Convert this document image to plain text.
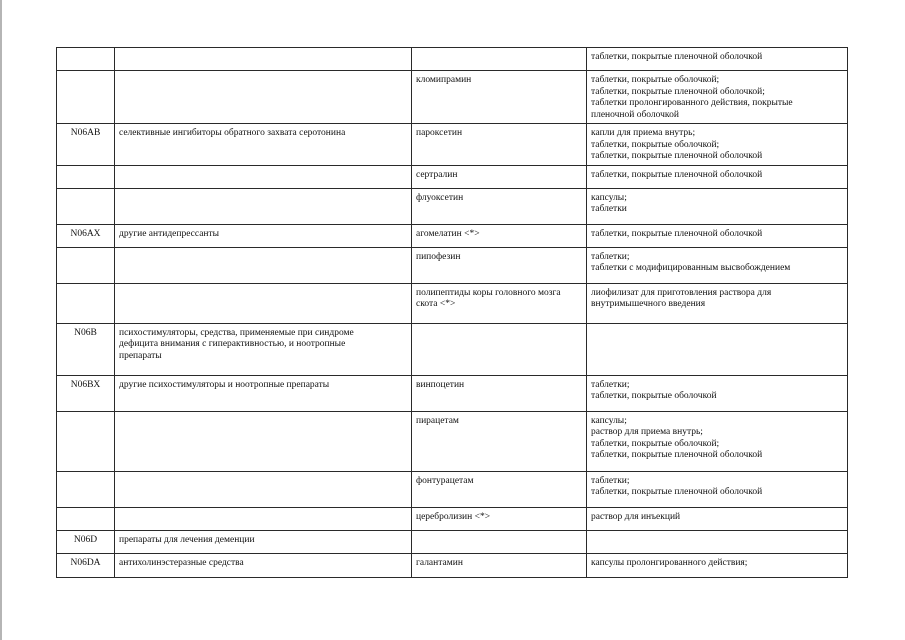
			таблетки, покрытые пленочной оболочкой

		кломипрамин	таблетки, покрытые оболочкой;
таблетки, покрытые пленочной оболочкой;
таблетки пролонгированного действия, покрытые
пленочной оболочкой

N06AB	селективные ингибиторы обратного захвата серотонина	пароксетин	капли для приема внутрь;
таблетки, покрытые оболочкой;
таблетки, покрытые пленочной оболочкой

		сертралин	таблетки, покрытые пленочной оболочкой

		флуоксетин	капсулы;
таблетки

N06AX	другие антидепрессанты	агомелатин <*>	таблетки, покрытые пленочной оболочкой

		пипофезин	таблетки;
таблетки с модифицированным высвобождением

		полипептиды коры головного мозга
скота <*>	лиофилизат для приготовления раствора для
внутримышечного введения

N06B	психостимуляторы, средства, применяемые при синдроме
дефицита внимания с гиперактивностью, и ноотропные
препараты		

N06BX	другие психостимуляторы и ноотропные препараты	винпоцетин	таблетки;
таблетки, покрытые оболочкой

		пирацетам	капсулы;
раствор для приема внутрь;
таблетки, покрытые оболочкой;
таблетки, покрытые пленочной оболочкой

		фонтурацетам	таблетки;
таблетки, покрытые пленочной оболочкой

		церебролизин <*>	раствор для инъекций

N06D	препараты для лечения деменции		
N06DA	антихолинэстеразные средства	галантамин	капсулы пролонгированного действия;
